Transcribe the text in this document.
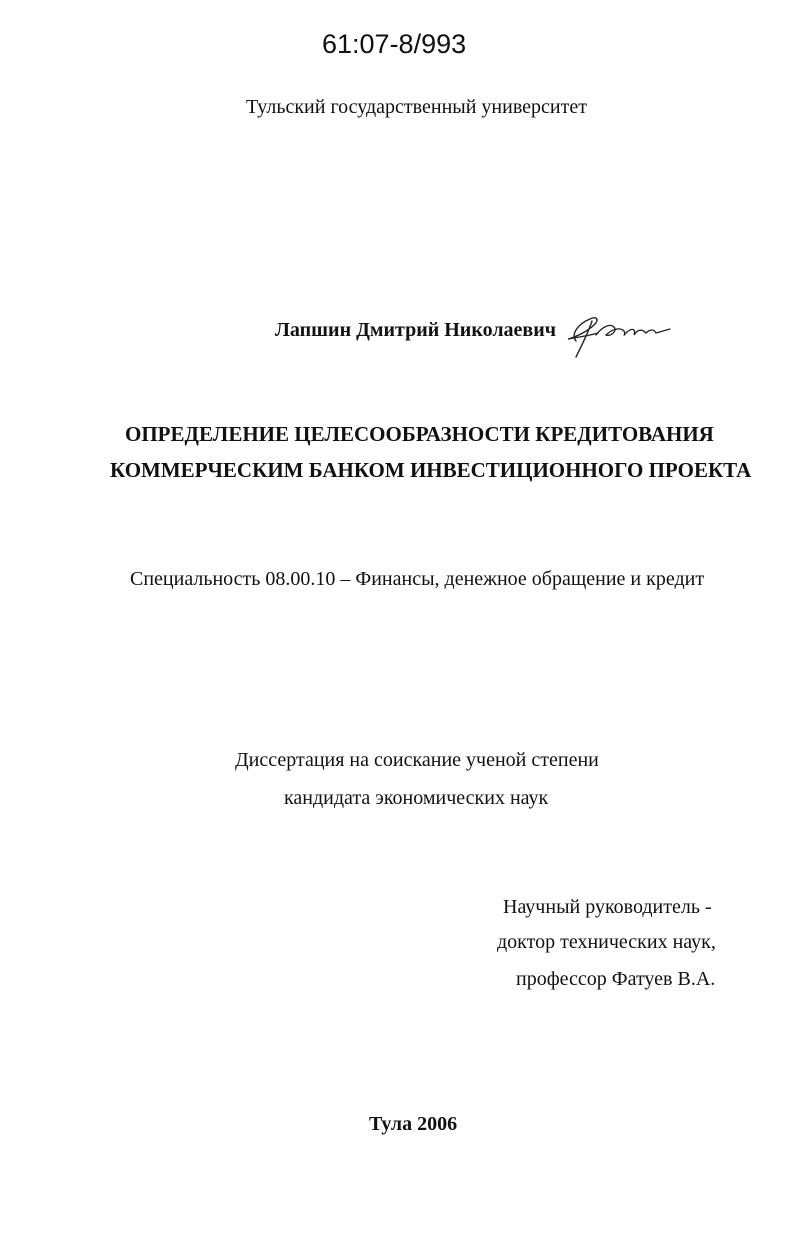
61:07-8/993
Тульский государственный университет
Лапшин Дмитрий Николаевич
ОПРЕДЕЛЕНИЕ ЦЕЛЕСООБРАЗНОСТИ КРЕДИТОВАНИЯ
КОММЕРЧЕСКИМ БАНКОМ ИНВЕСТИЦИОННОГО ПРОЕКТА
Специальность 08.00.10 – Финансы, денежное обращение и кредит
Диссертация на соискание ученой степени
кандидата экономических наук
Научный руководитель -
доктор технических наук,
профессор Фатуев В.А.
Тула 2006
